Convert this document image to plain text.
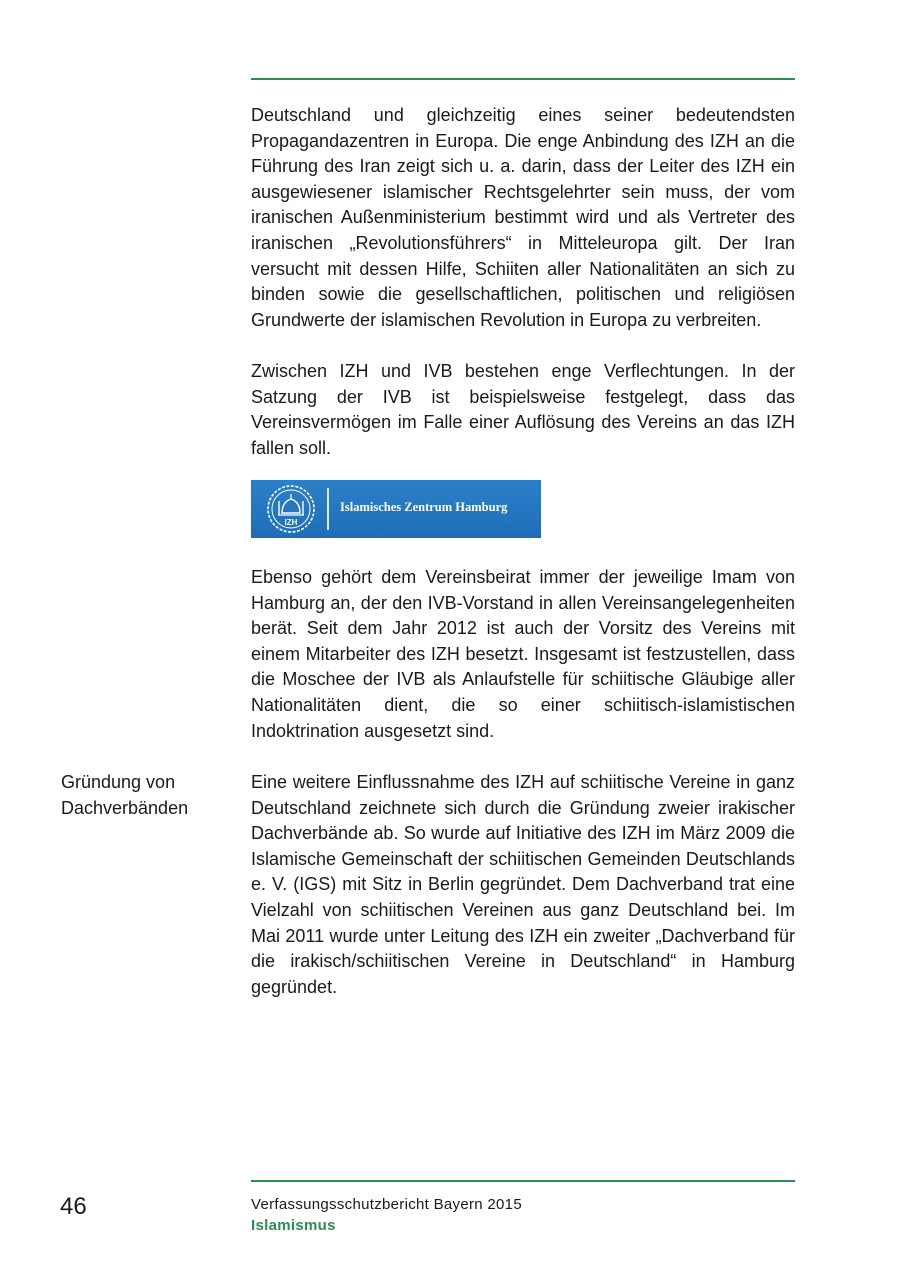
Deutschland und gleichzeitig eines seiner bedeutendsten Propagandazentren in Europa. Die enge Anbindung des IZH an die Führung des Iran zeigt sich u. a. darin, dass der Leiter des IZH ein ausgewiesener islamischer Rechtsgelehrter sein muss, der vom iranischen Außenministerium bestimmt wird und als Vertreter des iranischen „Revolutionsführers“ in Mitteleuropa gilt. Der Iran versucht mit dessen Hilfe, Schiiten aller Nationalitäten an sich zu binden sowie die gesellschaftlichen, politischen und religiösen Grundwerte der islamischen Revolution in Europa zu verbreiten.

Zwischen IZH und IVB bestehen enge Verflechtungen. In der Satzung der IVB ist beispielsweise festgelegt, dass das Vereinsvermögen im Falle einer Auflösung des Vereins an das IZH fallen soll.

IZH
Islamisches Zentrum Hamburg

Ebenso gehört dem Vereinsbeirat immer der jeweilige Imam von Hamburg an, der den IVB-Vorstand in allen Vereinsangelegenheiten berät. Seit dem Jahr 2012 ist auch der Vorsitz des Vereins mit einem Mitarbeiter des IZH besetzt. Insgesamt ist festzustellen, dass die Moschee der IVB als Anlaufstelle für schiitische Gläubige aller Nationalitäten dient, die so einer schiitisch-islamistischen Indoktrination ausgesetzt sind.

Gründung von Dachverbänden

Eine weitere Einflussnahme des IZH auf schiitische Vereine in ganz Deutschland zeichnete sich durch die Gründung zweier irakischer Dachverbände ab. So wurde auf Initiative des IZH im März 2009 die Islamische Gemeinschaft der schiitischen Gemeinden Deutschlands e. V. (IGS) mit Sitz in Berlin gegründet. Dem Dachverband trat eine Vielzahl von schiitischen Vereinen aus ganz Deutschland bei. Im Mai 2011 wurde unter Leitung des IZH ein zweiter „Dachverband für die irakisch/schiitischen Vereine in Deutschland“ in Hamburg gegründet.

46	Verfassungsschutzbericht Bayern 2015
Islamismus
